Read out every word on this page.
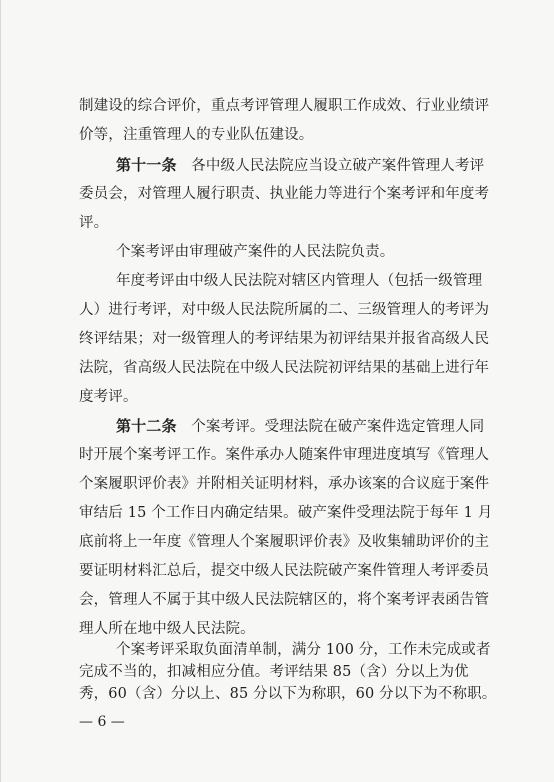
制建设的综合评价，重点考评管理人履职工作成效、行业业绩评
价等，注重管理人的专业队伍建设。
第十一条　各中级人民法院应当设立破产案件管理人考评
委员会，对管理人履行职责、执业能力等进行个案考评和年度考
评。
个案考评由审理破产案件的人民法院负责。
年度考评由中级人民法院对辖区内管理人（包括一级管理
人）进行考评，对中级人民法院所属的二、三级管理人的考评为
终评结果；对一级管理人的考评结果为初评结果并报省高级人民
法院，省高级人民法院在中级人民法院初评结果的基础上进行年
度考评。
第十二条　个案考评。受理法院在破产案件选定管理人同
时开展个案考评工作。案件承办人随案件审理进度填写《管理人
个案履职评价表》并附相关证明材料，承办该案的合议庭于案件
审结后 15 个工作日内确定结果。破产案件受理法院于每年 1 月
底前将上一年度《管理人个案履职评价表》及收集辅助评价的主
要证明材料汇总后，提交中级人民法院破产案件管理人考评委员
会，管理人不属于其中级人民法院辖区的，将个案考评表函告管
理人所在地中级人民法院。
个案考评采取负面清单制，满分 100 分，工作未完成或者
完成不当的，扣减相应分值。考评结果 85（含）分以上为优
秀，60（含）分以上、85 分以下为称职，60 分以下为不称职。
— 6 —
